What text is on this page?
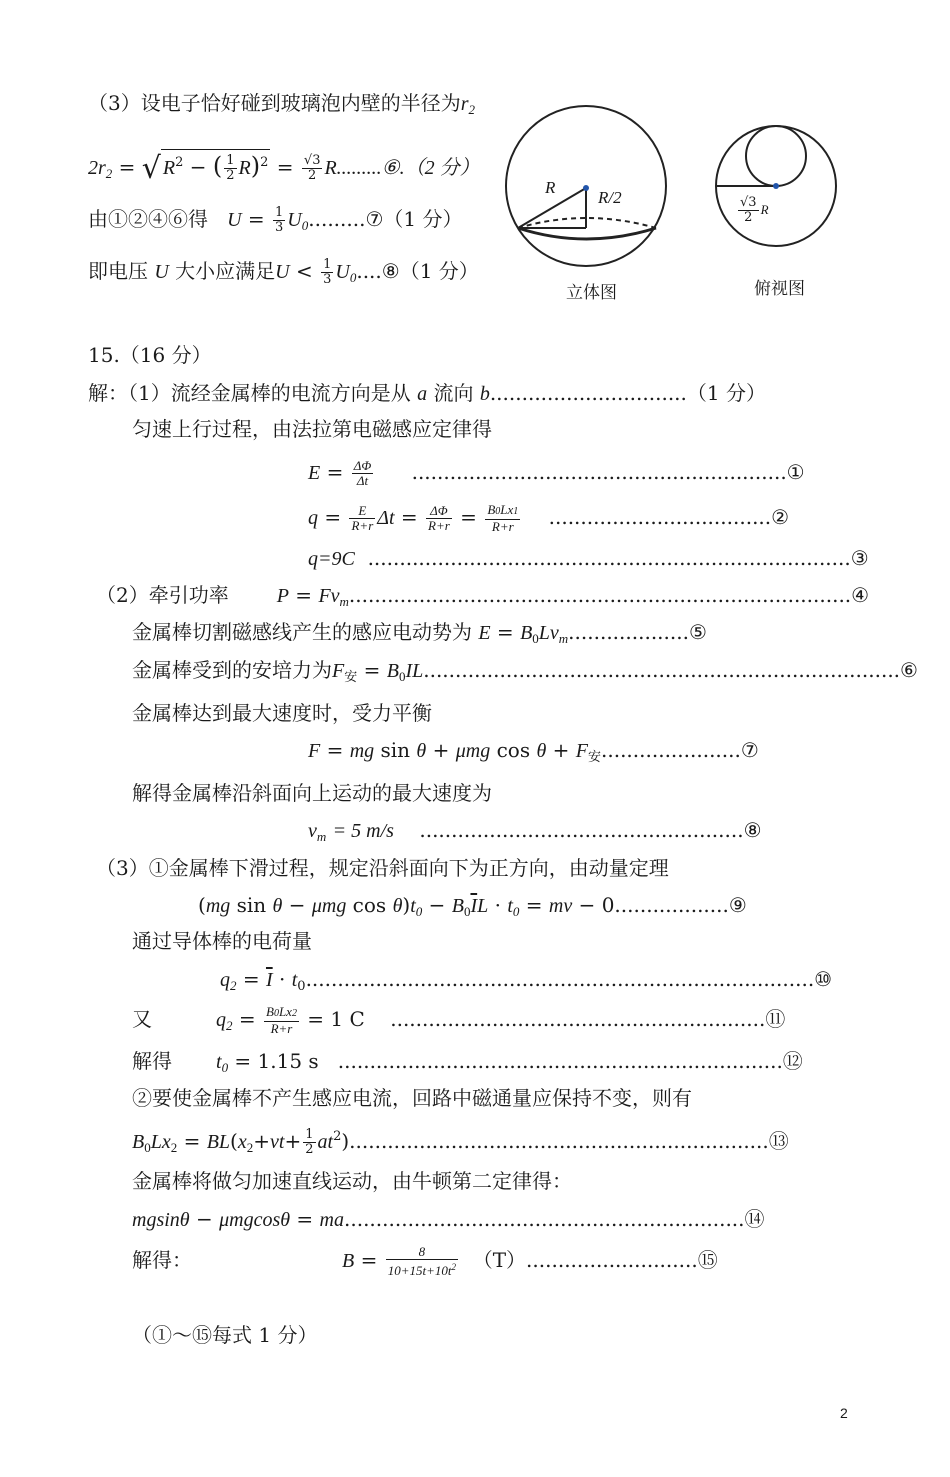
（3）设电子恰好碰到玻璃泡内壁的半径为$r_2$
$2r_2$ = √ $R^2$ − ( $\frac{1}{2} R)^2 = \frac{√3}{2}$ R.........⑥.（2 分）
由①②④⑥得 $U = \frac{1}{3}$ $U_0.........⑦(1$ 分）
即电压 U 大小应满足$U < \frac{1}{3}$ $U_0....⑧(1$ 分）
R
R/2
立体图
$\frac{√3}{2}$ R
俯视图
15.（16 分）
解：（1）流经金属棒的电流方向是从 a 流向 b...............................（1 分）
匀速上行过程，由法拉第电磁感应定律得
$E = \frac{\Delta\Phi}{\Delta t}$ ...........................................................①
$q = \frac{E}{R+r}$ $\Delta t = \frac{\Delta\Phi}{R+r} = \frac{B0Lx1}{R+r}$ ...................................②
q=9C ............................................................................③
（2）牵引功率 $P = Fv_m...............................................................................④$
金属棒切割磁感线产生的感应电动势为 $E = B_0Lv_m...................⑤$
金属棒受到的安培力为$F_安$ = $B_0IL...........................................................................⑥$
金属棒达到最大速度时，受力平衡
F = mg sin θ + μmg $\cos \theta + F_安......................⑦$
解得金属棒沿斜面向上运动的最大速度为
$v_m = 5$ m/s ...................................................⑧
（3）①金属棒下滑过程，规定沿斜面向下为正方向，由动量定理
(mg sin θ − μmg $\cos \theta)t_0 - B_0\overline{I}L \cdot t_0$ = mv − 0..................⑨
通过导体棒的电荷量
$q_2 = \overline{I}$ · $t_0................................................................................⑩$
又	$q_2 = \frac{B0Lx2}{R+r} = 1$ C    ...........................................................⑪
解得 $t_0 = 1.15$ s ......................................................................⑫
②要使金属棒不产生感应电流，回路中磁通量应保持不变，则有
$B_0Lx_2 = BL(x_2+vt+ \frac{1}{2}$ $at^2)..................................................................⑬$
金属棒将做匀加速直线运动，由牛顿第二定律得：
mgsinθ − μmgcosθ = ma...............................................................⑭
解得：	$B = \frac{8}{10+15t+10t^2}$ （T）...........................⑮
（①～⑮每式 1 分）
2
